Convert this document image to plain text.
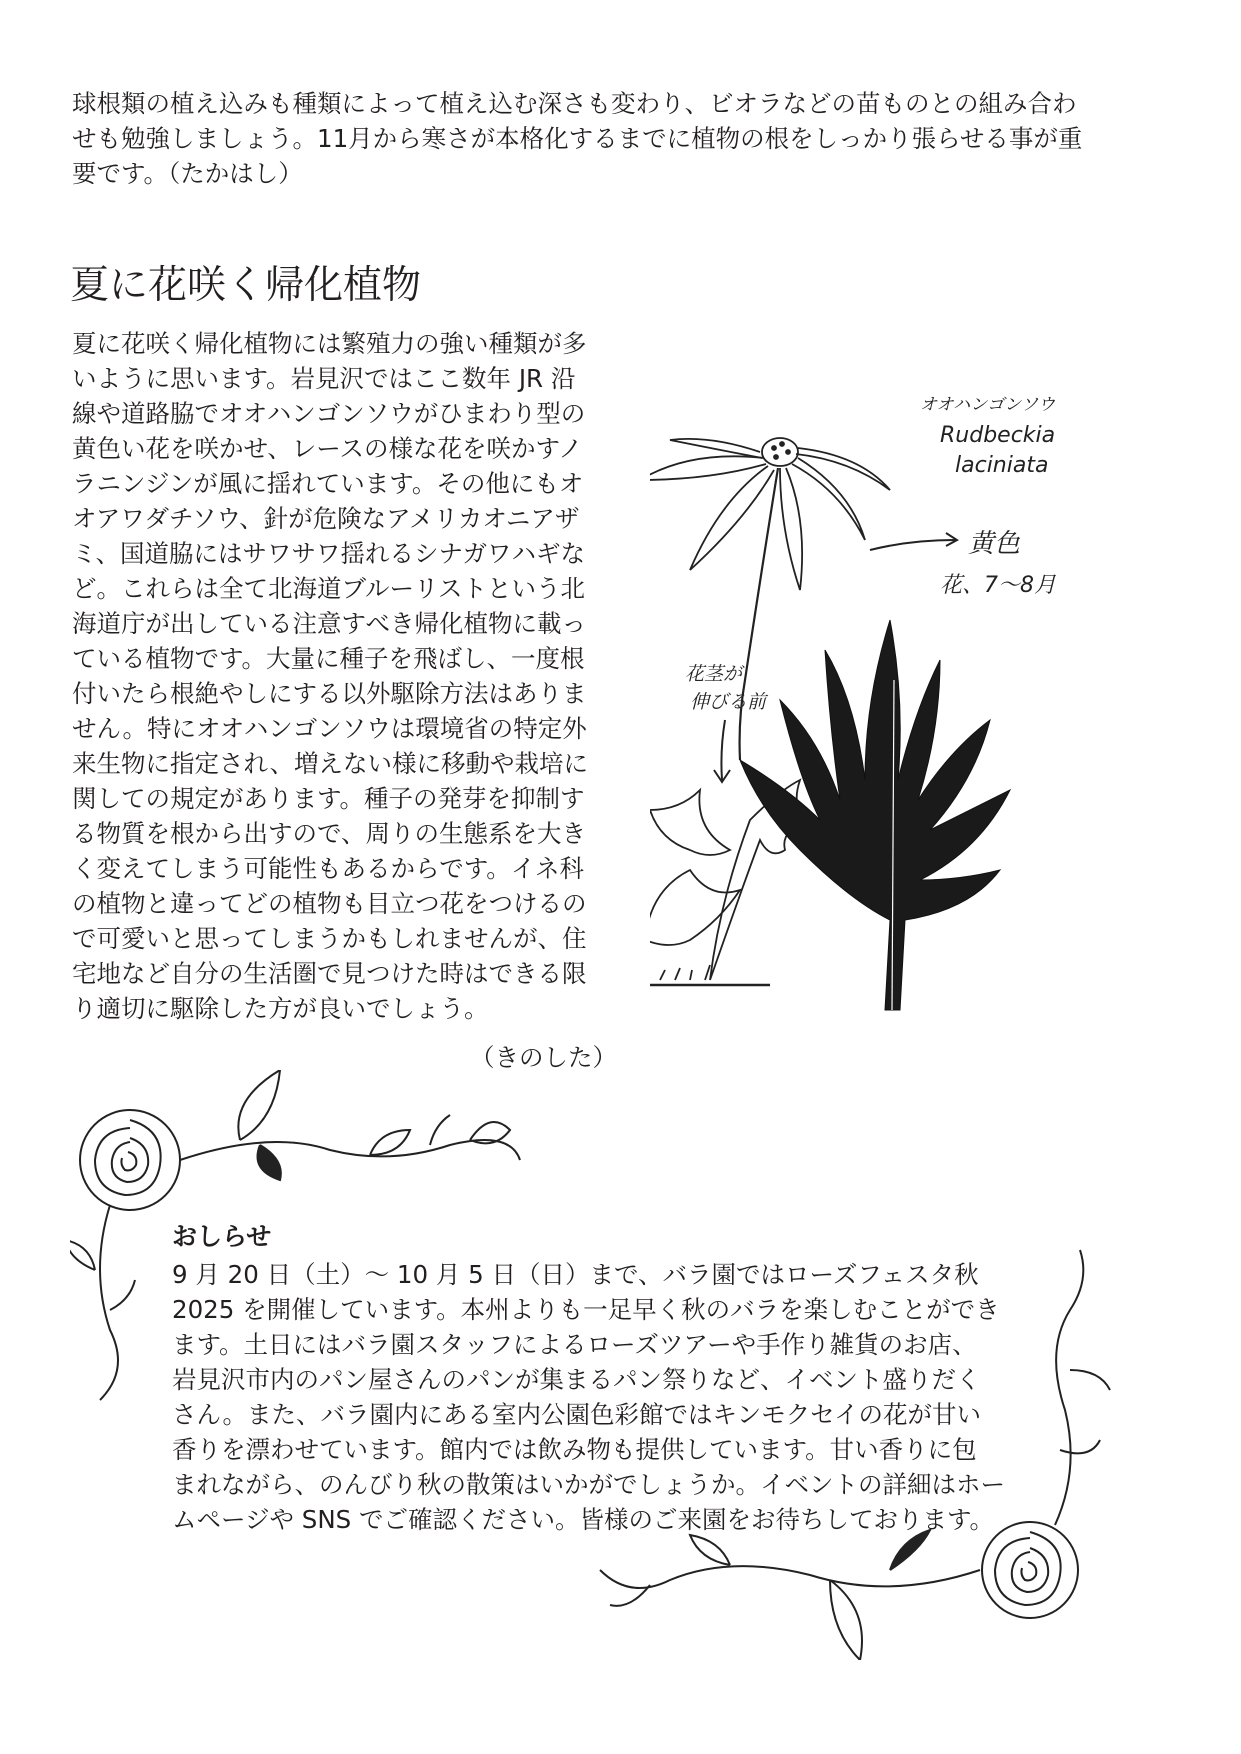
球根類の植え込みも種類によって植え込む深さも変わり、ビオラなどの苗ものとの組み合わ
せも勉強しましょう。11月から寒さが本格化するまでに植物の根をしっかり張らせる事が重
要です。（たかはし）
夏に花咲く帰化植物
夏に花咲く帰化植物には繁殖力の強い種類が多
いように思います。岩見沢ではここ数年 JR 沿
線や道路脇でオオハンゴンソウがひまわり型の
黄色い花を咲かせ、レースの様な花を咲かすノ
ラニンジンが風に揺れています。その他にもオ
オアワダチソウ、針が危険なアメリカオニアザ
ミ、国道脇にはサワサワ揺れるシナガワハギな
ど。これらは全て北海道ブルーリストという北
海道庁が出している注意すべき帰化植物に載っ
ている植物です。大量に種子を飛ばし、一度根
付いたら根絶やしにする以外駆除方法はありま
せん。特にオオハンゴンソウは環境省の特定外
来生物に指定され、増えない様に移動や栽培に
関しての規定があります。種子の発芽を抑制す
る物質を根から出すので、周りの生態系を大き
く変えてしまう可能性もあるからです。イネ科
の植物と違ってどの植物も目立つ花をつけるの
で可愛いと思ってしまうかもしれませんが、住
宅地など自分の生活圏で見つけた時はできる限
り適切に駆除した方が良いでしょう。
（きのした）
オオハンゴンソウ
Rudbeckia
laciniata
黄色
花、7〜8月
花茎が
伸びる前
おしらせ
9 月 20 日（土）〜 10 月 5 日（日）まで、バラ園ではローズフェスタ秋
2025 を開催しています。本州よりも一足早く秋のバラを楽しむことができ
ます。土日にはバラ園スタッフによるローズツアーや手作り雑貨のお店、
岩見沢市内のパン屋さんのパンが集まるパン祭りなど、イベント盛りだく
さん。また、バラ園内にある室内公園色彩館ではキンモクセイの花が甘い
香りを漂わせています。館内では飲み物も提供しています。甘い香りに包
まれながら、のんびり秋の散策はいかがでしょうか。イベントの詳細はホー
ムページや SNS でご確認ください。皆様のご来園をお待ちしております。
